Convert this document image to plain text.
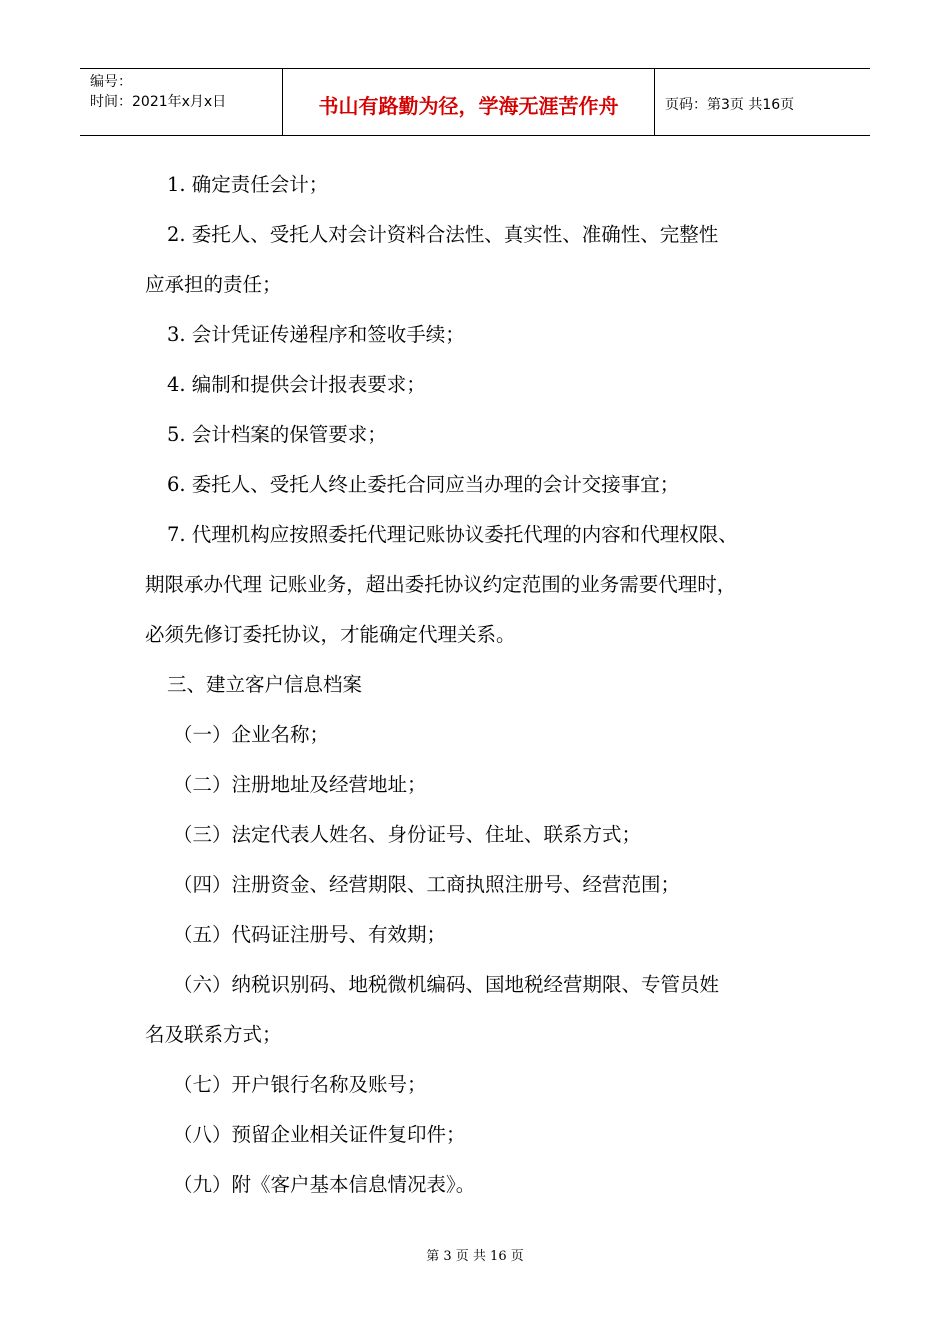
编号：
时间：2021年x月x日	书山有路勤为径，学海无涯苦作舟	页码：第3页 共16页
1. 确定责任会计；
2. 委托人、受托人对会计资料合法性、真实性、准确性、完整性
应承担的责任；
3. 会计凭证传递程序和签收手续；
4. 编制和提供会计报表要求；
5. 会计档案的保管要求；
6. 委托人、受托人终止委托合同应当办理的会计交接事宜；
7. 代理机构应按照委托代理记账协议委托代理的内容和代理权限、
期限承办代理 记账业务，超出委托协议约定范围的业务需要代理时，
必须先修订委托协议，才能确定代理关系。
三、建立客户信息档案
（一）企业名称；
（二）注册地址及经营地址；
（三）法定代表人姓名、身份证号、住址、联系方式；
（四）注册资金、经营期限、工商执照注册号、经营范围；
（五）代码证注册号、有效期；
（六）纳税识别码、地税微机编码、国地税经营期限、专管员姓
名及联系方式；
（七）开户银行名称及账号；
（八）预留企业相关证件复印件；
（九）附《客户基本信息情况表》。
第 3 页 共 16 页
